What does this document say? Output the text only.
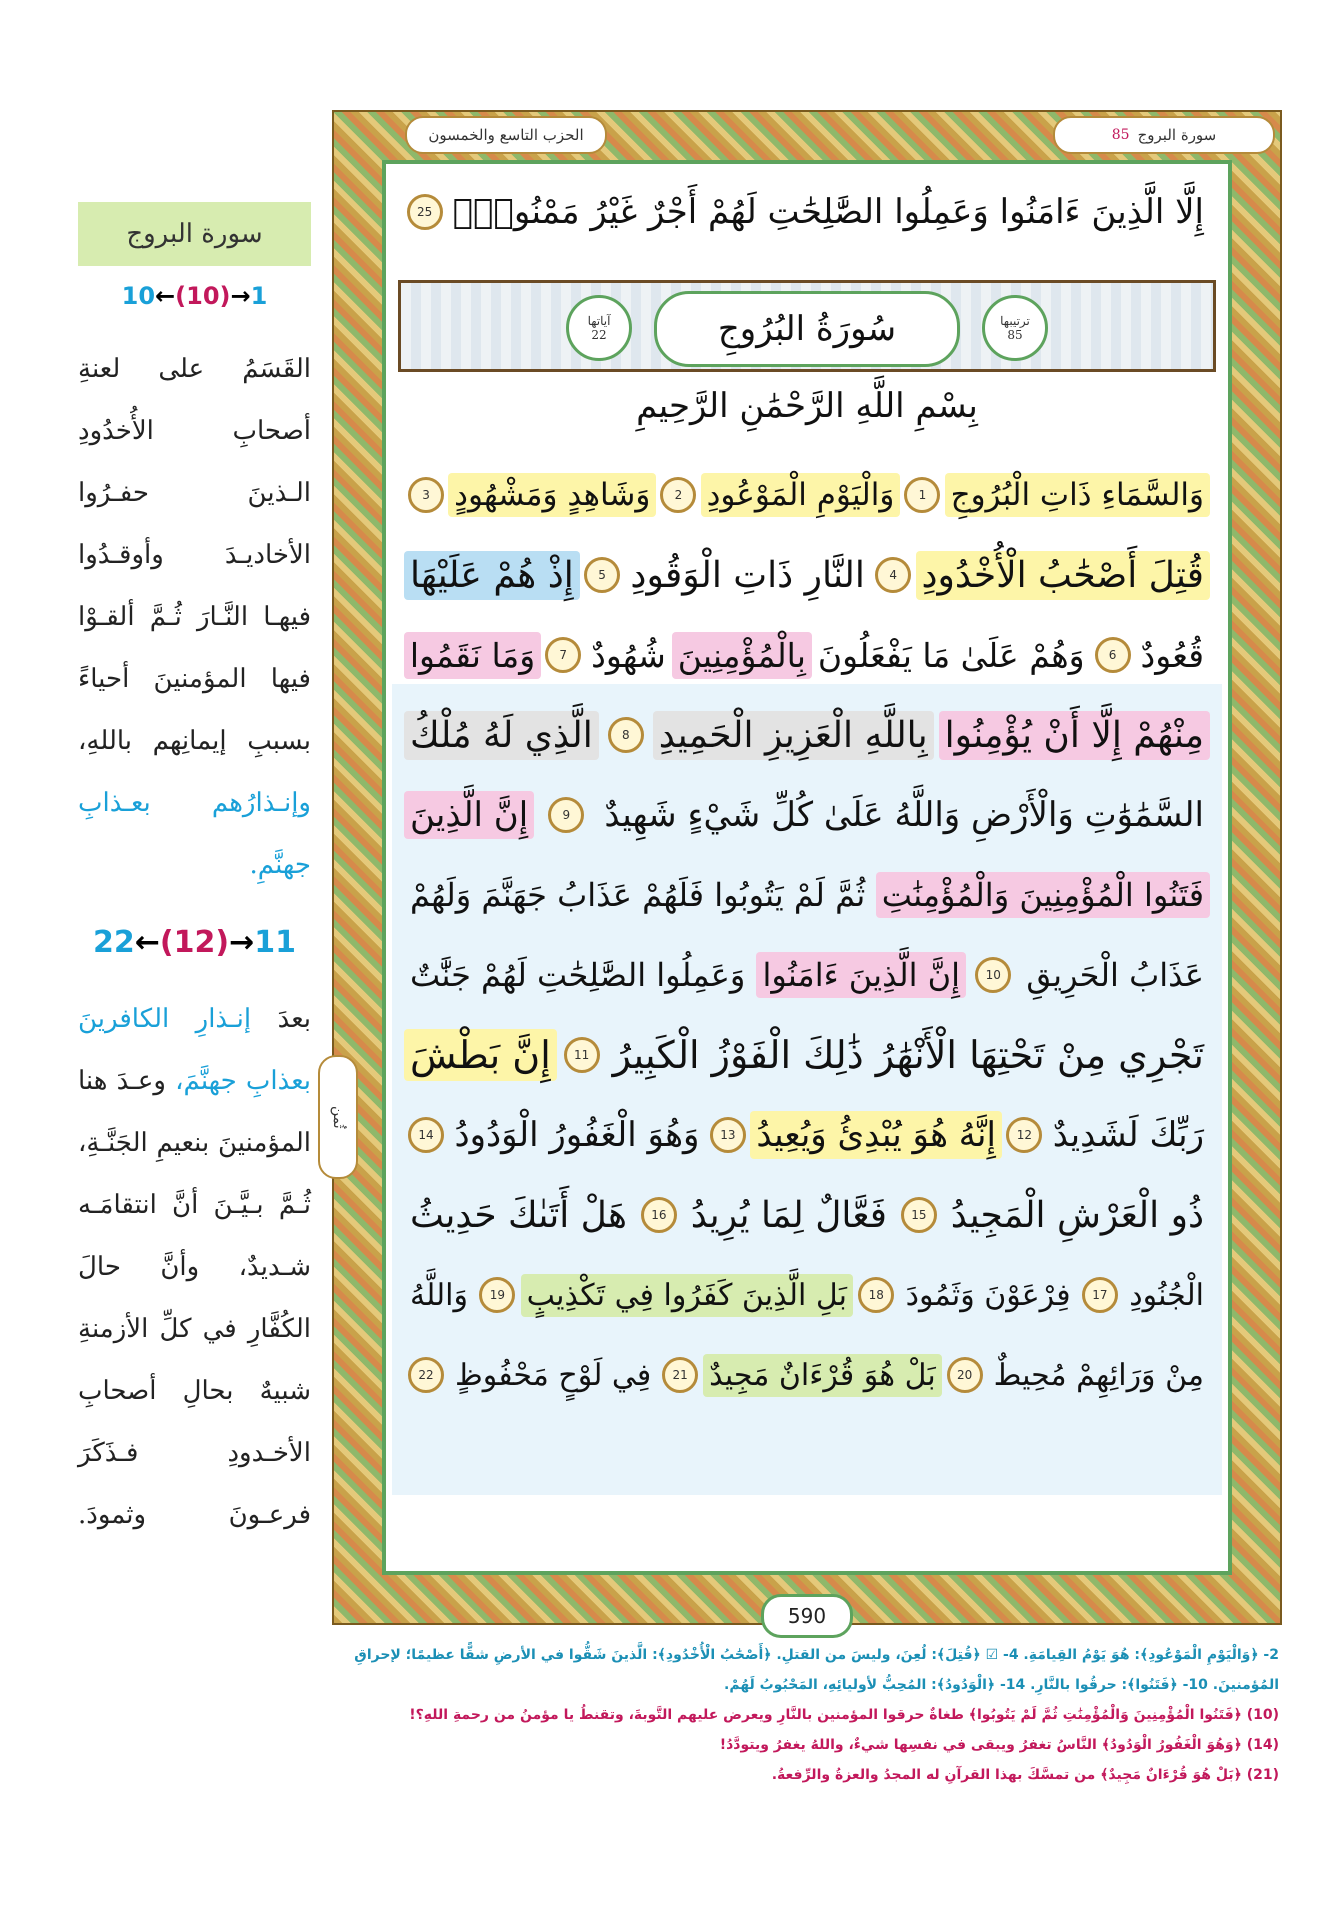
إِلَّا الَّذِينَ ءَامَنُوا وَعَمِلُوا الصَّٰلِحَٰتِ لَهُمْ أَجْرٌ غَيْرُ مَمْنُونٍۭ
25
ترتيبها
85
سُورَةُ البُرُوجِ
آياتها
22
بِسْمِ اللَّهِ الرَّحْمَٰنِ الرَّحِيمِ
وَالسَّمَاءِ ذَاتِ الْبُرُوجِ
1
وَالْيَوْمِ الْمَوْعُودِ
2
وَشَاهِدٍ وَمَشْهُودٍ
3
قُتِلَ أَصْحَٰبُ الْأُخْدُودِ
4
النَّارِ ذَاتِ الْوَقُودِ
5
إِذْ هُمْ عَلَيْهَا
قُعُودٌ
6
وَهُمْ عَلَىٰ مَا يَفْعَلُونَ
بِالْمُؤْمِنِينَ
شُهُودٌ
7
وَمَا نَقَمُوا
مِنْهُمْ إِلَّا أَنْ يُؤْمِنُوا
بِاللَّهِ الْعَزِيزِ الْحَمِيدِ
8
الَّذِي لَهُ مُلْكُ
السَّمَٰوَٰتِ وَالْأَرْضِ وَاللَّهُ عَلَىٰ كُلِّ شَيْءٍ شَهِيدٌ
9
إِنَّ الَّذِينَ
فَتَنُوا الْمُؤْمِنِينَ وَالْمُؤْمِنَٰتِ
ثُمَّ لَمْ يَتُوبُوا فَلَهُمْ عَذَابُ جَهَنَّمَ وَلَهُمْ
عَذَابُ الْحَرِيقِ
10
إِنَّ الَّذِينَ ءَامَنُوا
وَعَمِلُوا الصَّٰلِحَٰتِ لَهُمْ جَنَّٰتٌ
تَجْرِي مِنْ تَحْتِهَا الْأَنْهَٰرُ ذَٰلِكَ الْفَوْزُ الْكَبِيرُ
11
إِنَّ بَطْشَ
رَبِّكَ لَشَدِيدٌ
12
إِنَّهُ هُوَ يُبْدِئُ وَيُعِيدُ
13
وَهُوَ الْغَفُورُ الْوَدُودُ
14
ذُو الْعَرْشِ الْمَجِيدُ
15
فَعَّالٌ لِمَا يُرِيدُ
16
هَلْ أَتَىٰكَ حَدِيثُ
الْجُنُودِ
17
فِرْعَوْنَ وَثَمُودَ
18
بَلِ الَّذِينَ كَفَرُوا فِي تَكْذِيبٍ
19
وَاللَّهُ
مِنْ وَرَائِهِمْ مُحِيطٌ
20
بَلْ هُوَ قُرْءَانٌ مَجِيدٌ
21
فِي لَوْحٍ مَحْفُوظٍ
22
590
سورة البروج
85
الحزب التاسع والخمسون
ثُمن
سورة البروج
10←(10)→1
القَسَمُ على لعنةِ أصحابِ الأُخدُودِ الـذينَ حفـرُوا الأخاديـدَ وأوقـدُوا فيهـا النَّـارَ ثُـمَّ ألقـوْا فيها المؤمنينَ أحياءً بسببِ إيمانِهم باللهِ، وإنـذارُهم بعـذابِ جهنَّمِ.
22←(12)→11
بعدَ إنـذارِ الكافرينَ بعذابِ جهنَّمَ، وعـدَ هنا المؤمنينَ بنعيمِ الجَنَّـةِ، ثُـمَّ بـيَّـنَ أنَّ انتقامَـه شـديدٌ، وأنَّ حالَ الكُفَّارِ في كلِّ الأزمنةِ شبيهٌ بحالِ أصحابِ الأخـدودِ فـذَكَرَ فرعـونَ وثمودَ.
2- ﴿وَالْيَوْمِ الْمَوْعُودِ﴾: هُوَ يَوْمُ القِيامَةِ. 4- ☑ ﴿قُتِلَ﴾: لُعِنَ، وليسَ من القتلِ. ﴿أَصْحَٰبُ الْأُخْدُودِ﴾: الَّذينَ شَقُّوا في الأرضِ شقًّا عظيمًا؛ لإحراقِ
المُؤمنينَ. 10- ﴿فَتَنُوا﴾: حرقُوا بالنَّارِ. 14- ﴿الْوَدُودُ﴾: المُحِبُّ لأوليائِهِ، المَحْبُوبُ لَهُمْ.
(10) ﴿فَتَنُوا الْمُؤْمِنِينَ وَالْمُؤْمِنَٰتِ ثُمَّ لَمْ يَتُوبُوا﴾ طغاةٌ حرقوا المؤمنين بالنَّارِ ويعرض عليهم التَّوبةَ، وتقنطُ يا مؤمنُ من رحمةِ اللهِ؟!
(14) ﴿وَهُوَ الْغَفُورُ الْوَدُودُ﴾ النَّاسُ تغفرُ ويبقى في نفسِها شيءٌ، واللهُ يغفرُ ويتودَّدُ!
(21) ﴿بَلْ هُوَ قُرْءَانٌ مَجِيدٌ﴾ من تمسَّكَ بهذا القرآنِ له المجدُ والعزةُ والرِّفعةُ.
